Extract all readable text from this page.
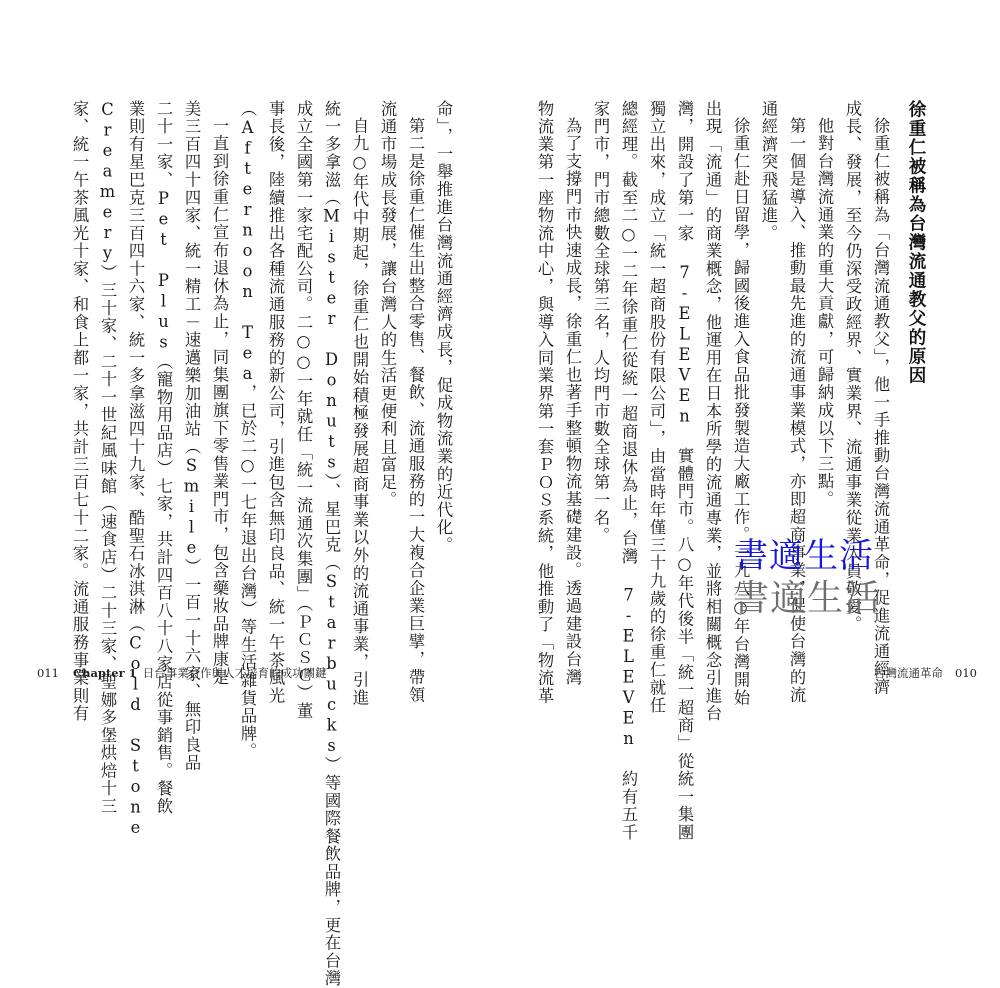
命」，一舉推進台灣流通經濟成長，促成物流業的近代化。

第二是徐重仁催生出整合零售、餐飲、流通服務的一大複合企業巨擘，帶領

流通市場成長發展，讓台灣人的生活更便利且富足。

自九○年代中期起，徐重仁也開始積極發展超商事業以外的流通事業，引進

統一多拿滋（Mister Donuts）、星巴克（Starbucks）等國際餐飲品牌，更在台灣

成立全國第一家宅配公司。二○○一年就任「統一流通次集團」（ＰＣＳＣ）董

事長後，陸續推出各種流通服務的新公司，引進包含無印良品、統一午茶風光

（Afternoon Tea，已於二○一七年退出台灣）等生活雜貨品牌。

一直到徐重仁宣布退休為止，同集團旗下零售業門市，包含藥妝品牌康是

美三百四十四家、統一精工－速邁樂加油站（Smile）一百一十六家、無印良品

二十一家、Pet Plus（寵物用品店）七家，共計四百八十八家店從事銷售。餐飲

業則有星巴克三百四十六家、統一多拿滋四十九家、酷聖石冰淇淋（Cold Stone

Creamery）三十家、二十一世紀風味館（速食店）二十三家、聖娜多堡烘焙十三

家、統一午茶風光十家、和食上都一家，共計三百七十二家。流通服務事業則有

011 Chapter 1 日台事業合作與人才培育的成功關鍵
徐重仁被稱為台灣流通教父的原因

徐重仁被稱為「台灣流通教父」，他一手推動台灣流通革命，促進流通經濟

成長、發展，至今仍深受政經界、實業界、流通事業從業人員敬愛。

他對台灣流通業的重大貢獻，可歸納成以下三點。

第一個是導入、推動最先進的流通事業模式，亦即超商事業，促使台灣的流

通經濟突飛猛進。

徐重仁赴日留學，歸國後進入食品批發製造大廠工作。一九八○年台灣開始

出現「流通」的商業概念，他運用在日本所學的流通專業，並將相關概念引進台

灣，開設了第一家 7-ELEVEn 實體門市。八○年代後半「統一超商」從統一集團

獨立出來，成立「統一超商股份有限公司」，由當時年僅三十九歲的徐重仁就任

總經理。截至二○一二年徐重仁從統一超商退休為止，台灣 7-ELEVEn 約有五千

家門市，門市總數全球第三名，人均門市數全球第一名。

為了支撐門市快速成長，徐重仁也著手整頓物流基礎建設。透過建設台灣

物流業第一座物流中心，與導入同業界第一套ＰＯＳ系統，他推動了「物流革	台灣流通革命 010
書適生活
書適生活
